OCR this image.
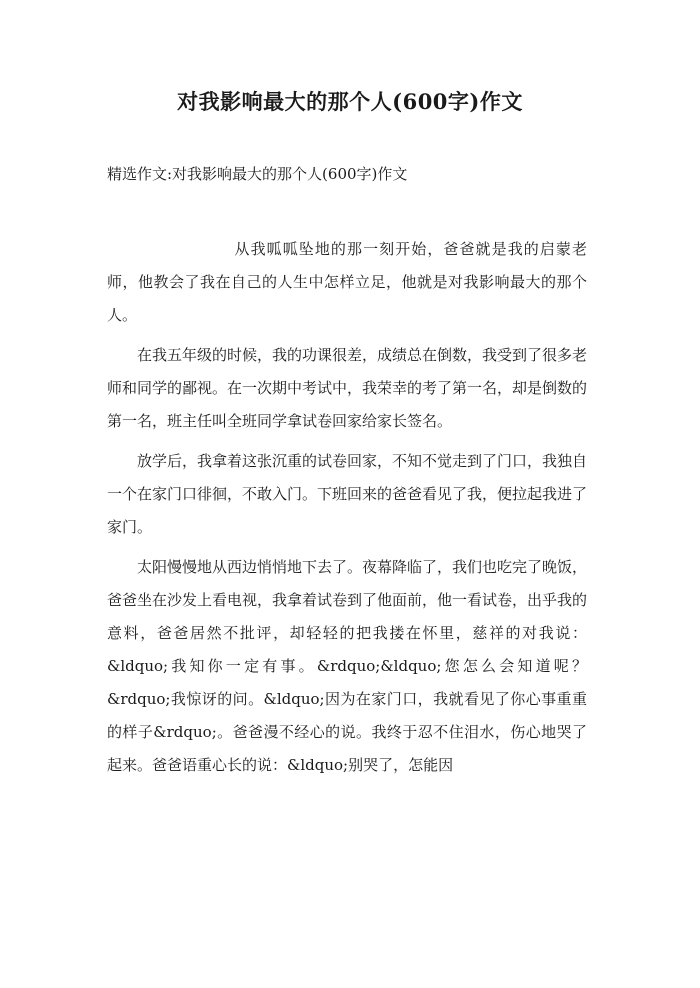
对我影响最大的那个人(600字)作文

精选作文:对我影响最大的那个人(600字)作文

从我呱呱坠地的那一刻开始，爸爸就是我的启蒙老师，他教会了我在自己的人生中怎样立足，他就是对我影响最大的那个人。

在我五年级的时候，我的功课很差，成绩总在倒数，我受到了很多老师和同学的鄙视。在一次期中考试中，我荣幸的考了第一名，却是倒数的第一名，班主任叫全班同学拿试卷回家给家长签名。

放学后，我拿着这张沉重的试卷回家，不知不觉走到了门口，我独自一个在家门口徘徊，不敢入门。下班回来的爸爸看见了我，便拉起我进了家门。

太阳慢慢地从西边悄悄地下去了。夜幕降临了，我们也吃完了晚饭，爸爸坐在沙发上看电视，我拿着试卷到了他面前，他一看试卷，出乎我的意料，爸爸居然不批评，却轻轻的把我搂在怀里，慈祥的对我说：&ldquo;我知你一定有事。&rdquo;&ldquo;您怎么会知道呢？&rdquo;我惊讶的问。&ldquo;因为在家门口，我就看见了你心事重重的样子&rdquo;。爸爸漫不经心的说。我终于忍不住泪水，伤心地哭了起来。爸爸语重心长的说：&ldquo;别哭了，怎能因
